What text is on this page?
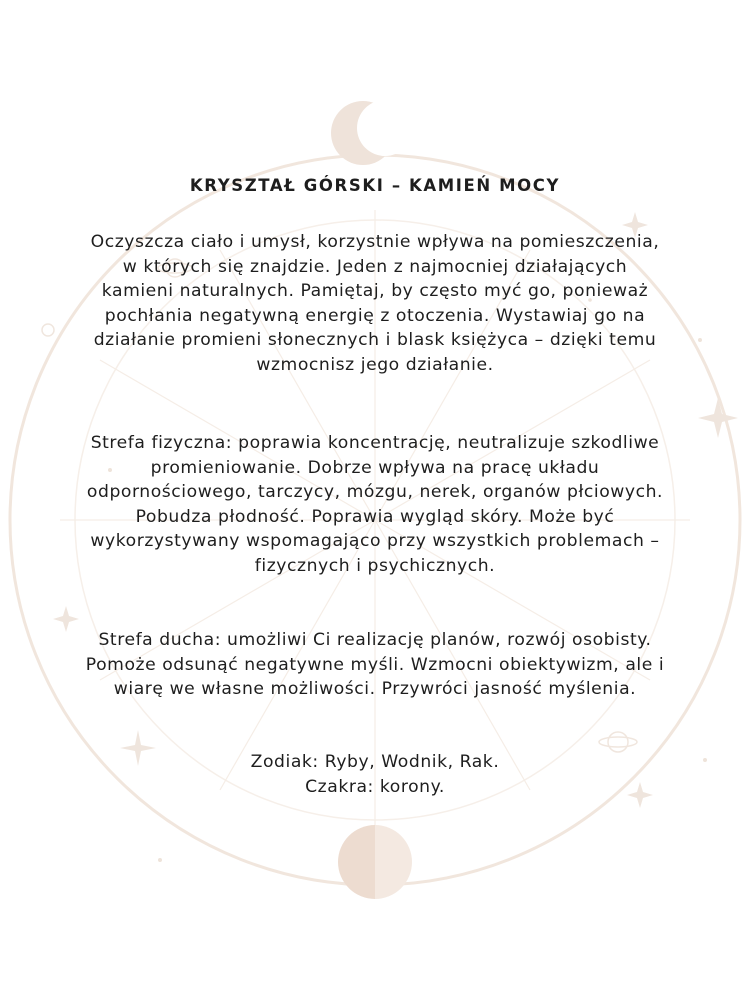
KRYSZTAŁ GÓRSKI – KAMIEŃ MOCY

Oczyszcza ciało i umysł, korzystnie wpływa na pomieszczenia,
w których się znajdzie. Jeden z najmocniej działających
kamieni naturalnych. Pamiętaj, by często myć go, ponieważ
pochłania negatywną energię z otoczenia. Wystawiaj go na
działanie promieni słonecznych i blask księżyca – dzięki temu
wzmocnisz jego działanie.

Strefa fizyczna: poprawia koncentrację, neutralizuje szkodliwe
promieniowanie. Dobrze wpływa na pracę układu
odpornościowego, tarczycy, mózgu, nerek, organów płciowych.
Pobudza płodność. Poprawia wygląd skóry. Może być
wykorzystywany wspomagająco przy wszystkich problemach –
fizycznych i psychicznych.

Strefa ducha: umożliwi Ci realizację planów, rozwój osobisty.
Pomoże odsunąć negatywne myśli. Wzmocni obiektywizm, ale i
wiarę we własne możliwości. Przywróci jasność myślenia.

Zodiak: Ryby, Wodnik, Rak.
Czakra: korony.
